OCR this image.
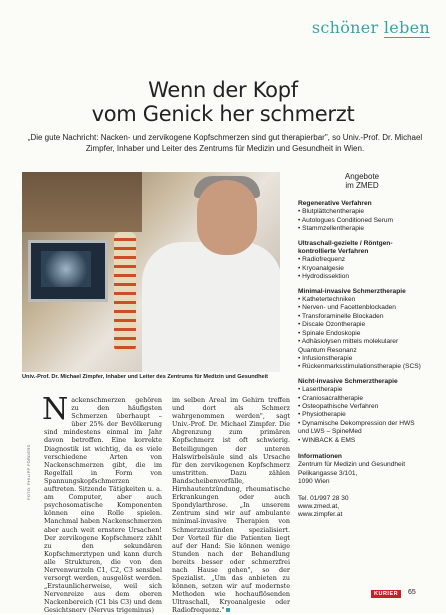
schöner leben
Wenn der Kopf
vom Genick her schmerzt
„Die gute Nachricht: Nacken- und zervikogene Kopfschmerzen sind gut therapierbar", so Univ.-Prof. Dr. Michael Zimpfer, Inhaber und Leiter des Zentrums für Medizin und Gesundheit in Wien.
Univ.-Prof. Dr. Michael Zimpfer, Inhaber und Leiter des Zentrums für Medizin und Gesundheit
FOTO: PHILIPP FÖRDERS
N ackenschmerzen gehören zu den häufigsten Schmerzen überhaupt – über 25% der Bevölkerung sind mindestens einmal im Jahr davon betroffen. Eine korrekte Diagnostik ist wichtig, da es viele verschiedene Arten von Nackenschmerzen gibt, die im Regelfall in Form von Spannungskopfschmerzen auftreten. Sitzende Tätigkeiten u. a. am Computer, aber auch psychosomatische Komponenten können eine Rolle spielen. Manchmal haben Nackenschmerzen aber auch weit ernstere Ursachen! Der zervikogene Kopfschmerz zählt zu den sekundären Kopfschmerztypen und kann durch alle Strukturen, die von den Nervenwurzeln C1, C2, C3 sensibel versorgt werden, ausgelöst werden. „Erstaunlicherweise, weil sich Nervenreize aus dem oberen Nackenbereich (C1 bis C3) und dem Gesichtsnerv (Nervus trigeminus)

im selben Areal im Gehirn treffen und dort als Schmerz wahrgenommen werden", sagt Univ.-Prof. Dr. Michael Zimpfer. Die Abgrenzung zum primären Kopfschmerz ist oft schwierig. Beteiligungen der unteren Halswirbelsäule sind als Ursache für den zervikogenen Kopfschmerz umstritten. Dazu zählen Bandscheibenvorfälle, Hirnhautentzündung, rheumatische Erkrankungen oder auch Spondylarthrose. „In unserem Zentrum sind wir auf ambulante minimal-invasive Therapien von Schmerzzuständen spezialisiert. Der Vorteil für die Patienten liegt auf der Hand: Sie können wenige Stunden nach der Behandlung bereits besser oder schmerzfrei nach Hause gehen", so der Spezialist. „Um das anbieten zu können, setzen wir auf modernste Methoden wie hochauflösenden Ultraschall, Kryoanalgesie oder Radiofrequenz."

Angebote
im ZMED
Regenerative Verfahren
• Blutplättchentherapie
• Autologues Conditioned Serum
• Stammzellentherapie
Ultraschall-gezielte / Röntgen-kontrollierte Verfahren
• Radiofrequenz
• Kryoanalgesie
• Hydrodissektion
Minimal-invasive Schmerztherapie
• Kathetertechniken
• Nerven- und Facettenblockaden
• Transforaminelle Blockaden
• Discale Ozontherapie
• Spinale Endoskopie
• Adhäsiolysen mittels molekularer Quantum Resonanz
• Infusionstherapie
• Rückenmarksstimulationstherapie (SCS)
Nicht-invasive Schmerztherapie
• Lasertherapie
• Craniosacraltherapie
• Osteopathische Verfahren
• Physiotherapie
• Dynamische Dekompression der HWS und LWS – SpineMed
• WINBACK & EMS
Informationen
Zentrum für Medizin und Gesundheit
Pelikangasse 3/101,
1090 Wien
Tel. 01/997 28 30
www.zmed.at,
www.zimpfer.at
KURIER	65
